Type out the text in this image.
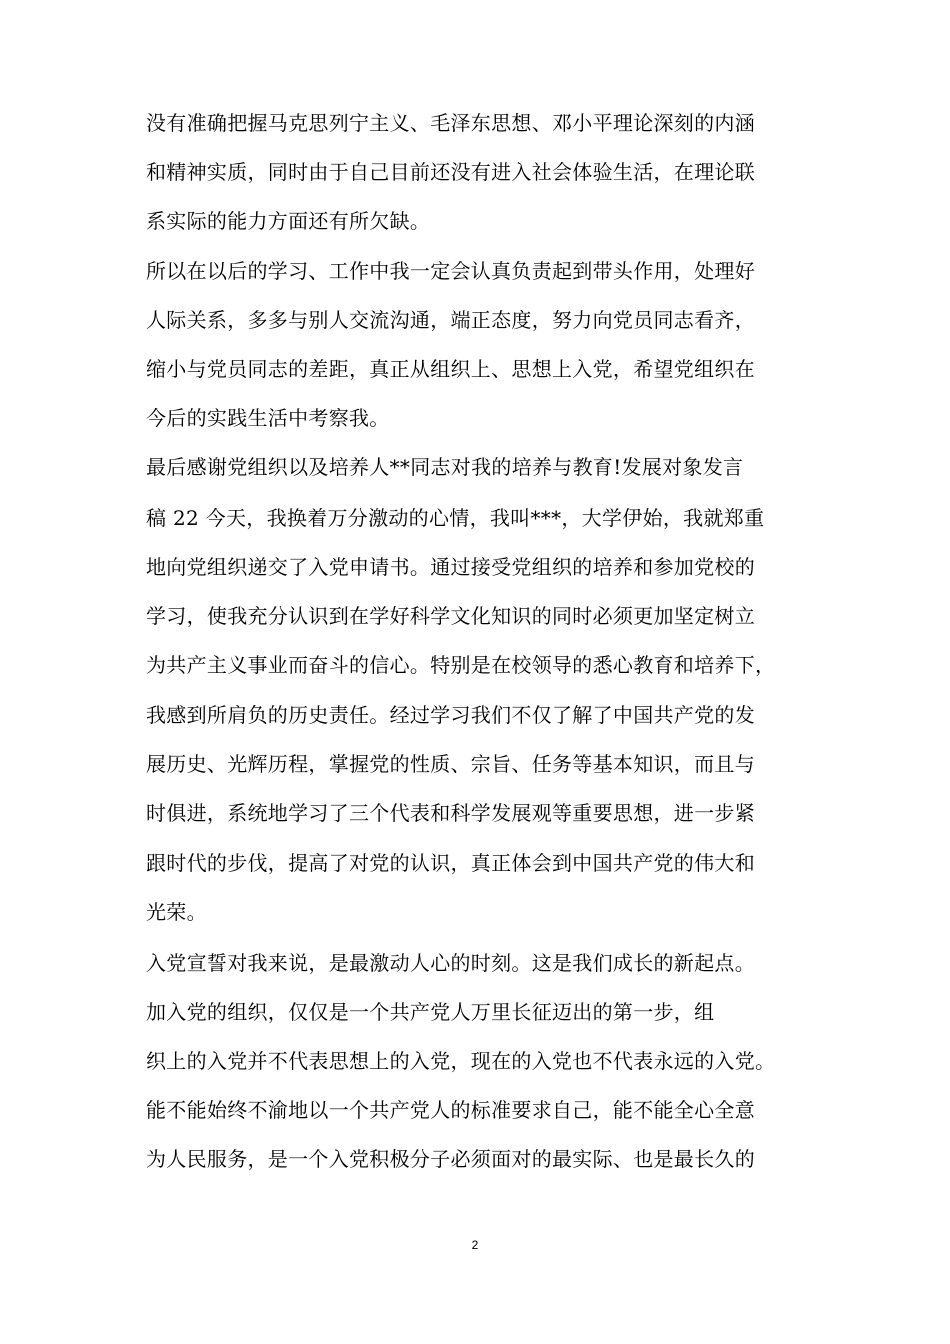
没有准确把握马克思列宁主义、毛泽东思想、邓小平理论深刻的内涵
和精神实质，同时由于自己目前还没有进入社会体验生活，在理论联
系实际的能力方面还有所欠缺。
所以在以后的学习、工作中我一定会认真负责起到带头作用，处理好
人际关系，多多与别人交流沟通，端正态度，努力向党员同志看齐，
缩小与党员同志的差距，真正从组织上、思想上入党，希望党组织在
今后的实践生活中考察我。
最后感谢党组织以及培养人**同志对我的培养与教育!发展对象发言
稿 22 今天，我换着万分激动的心情，我叫***，大学伊始，我就郑重
地向党组织递交了入党申请书。通过接受党组织的培养和参加党校的
学习，使我充分认识到在学好科学文化知识的同时必须更加坚定树立
为共产主义事业而奋斗的信心。特别是在校领导的悉心教育和培养下，
我感到所肩负的历史责任。经过学习我们不仅了解了中国共产党的发
展历史、光辉历程，掌握党的性质、宗旨、任务等基本知识，而且与
时俱进，系统地学习了三个代表和科学发展观等重要思想，进一步紧
跟时代的步伐，提高了对党的认识，真正体会到中国共产党的伟大和
光荣。
入党宣誓对我来说，是最激动人心的时刻。这是我们成长的新起点。
加入党的组织，仅仅是一个共产党人万里长征迈出的第一步，组
织上的入党并不代表思想上的入党，现在的入党也不代表永远的入党。
能不能始终不渝地以一个共产党人的标准要求自己，能不能全心全意
为人民服务，是一个入党积极分子必须面对的最实际、也是最长久的
2
